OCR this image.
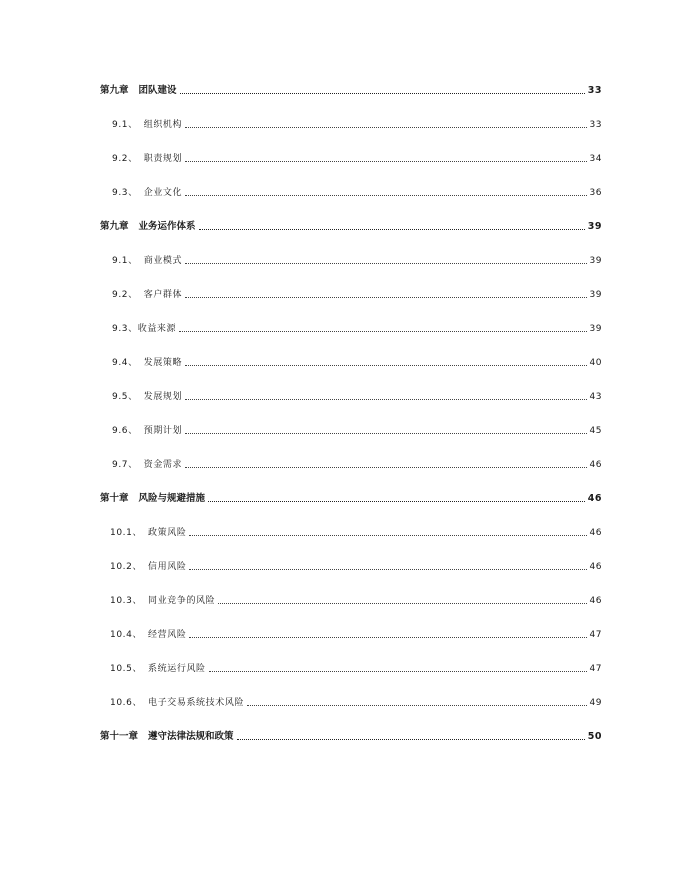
第九章 团队建设	33
9.1、 组织机构	33
9.2、 职责规划	34
9.3、 企业文化	36
第九章 业务运作体系	39
9.1、 商业模式	39
9.2、 客户群体	39
9.3、 收益来源	39
9.4、 发展策略	40
9.5、 发展规划	43
9.6、 预期计划	45
9.7、 资金需求	46
第十章 风险与规避措施	46
10.1、 政策风险	46
10.2、 信用风险	46
10.3、 同业竞争的风险	46
10.4、 经营风险	47
10.5、 系统运行风险	47
10.6、 电子交易系统技术风险	49
第十一章 遵守法律法规和政策	50
